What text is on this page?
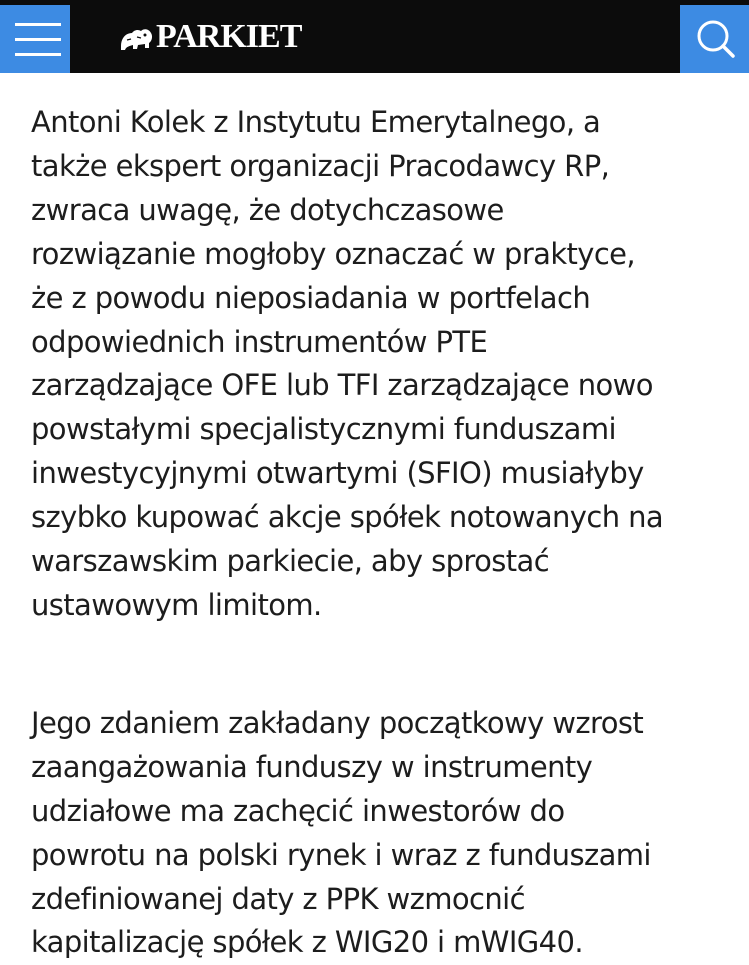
PARKIET

Antoni Kolek z Instytutu Emerytalnego, a
także ekspert organizacji Pracodawcy RP,
zwraca uwagę, że dotychczasowe
rozwiązanie mogłoby oznaczać w praktyce,
że z powodu nieposiadania w portfelach
odpowiednich instrumentów PTE
zarządzające OFE lub TFI zarządzające nowo
powstałymi specjalistycznymi funduszami
inwestycyjnymi otwartymi (SFIO) musiałyby
szybko kupować akcje spółek notowanych na
warszawskim parkiecie, aby sprostać
ustawowym limitom.

Jego zdaniem zakładany początkowy wzrost
zaangażowania funduszy w instrumenty
udziałowe ma zachęcić inwestorów do
powrotu na polski rynek i wraz z funduszami
zdefiniowanej daty z PPK wzmocnić
kapitalizację spółek z WIG20 i mWIG40.
